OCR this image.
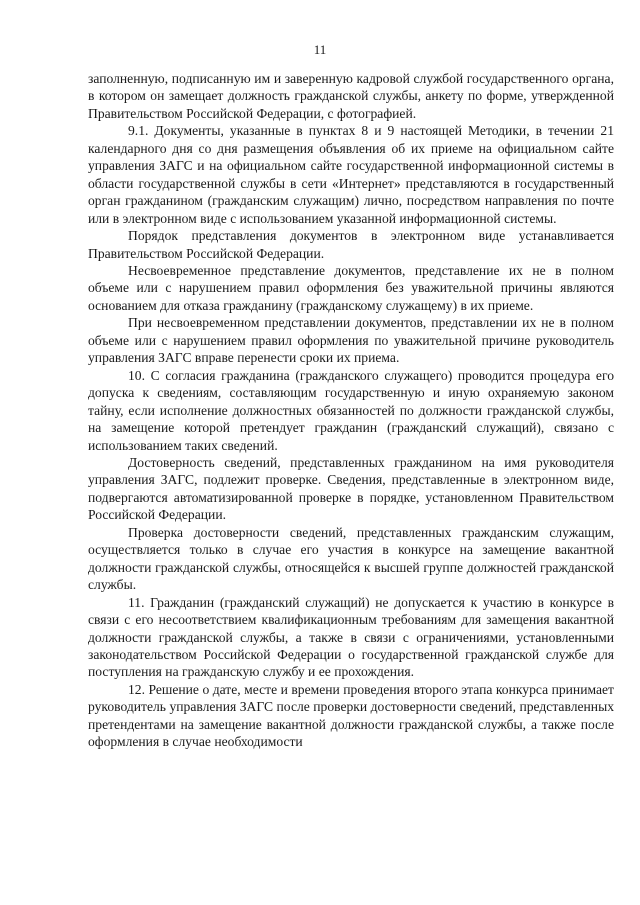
11

заполненную, подписанную им и заверенную кадровой службой государственного органа, в котором он замещает должность гражданской службы, анкету по форме, утвержденной Правительством Российской Федерации, с фотографией.

9.1. Документы, указанные в пунктах 8 и 9 настоящей Методики, в течении 21 календарного дня со дня размещения объявления об их приеме на официальном сайте управления ЗАГС и на официальном сайте государственной информационной системы в области государственной службы в сети «Интернет» представляются в государственный орган гражданином (гражданским служащим) лично, посредством направления по почте или в электронном виде с использованием указанной информационной системы.

Порядок представления документов в электронном виде устанавливается Правительством Российской Федерации.

Несвоевременное представление документов, представление их не в полном объеме или с нарушением правил оформления без уважительной причины являются основанием для отказа гражданину (гражданскому служащему) в их приеме.

При несвоевременном представлении документов, представлении их не в полном объеме или с нарушением правил оформления по уважительной причине руководитель управления ЗАГС вправе перенести сроки их приема.

10. С согласия гражданина (гражданского служащего) проводится процедура его допуска к сведениям, составляющим государственную и иную охраняемую законом тайну, если исполнение должностных обязанностей по должности гражданской службы, на замещение которой претендует гражданин (гражданский служащий), связано с использованием таких сведений.

Достоверность сведений, представленных гражданином на имя руководителя управления ЗАГС, подлежит проверке. Сведения, представленные в электронном виде, подвергаются автоматизированной проверке в порядке, установленном Правительством Российской Федерации.

Проверка достоверности сведений, представленных гражданским служащим, осуществляется только в случае его участия в конкурсе на замещение вакантной должности гражданской службы, относящейся к высшей группе должностей гражданской службы.

11. Гражданин (гражданский служащий) не допускается к участию в конкурсе в связи с его несоответствием квалификационным требованиям для замещения вакантной должности гражданской службы, а также в связи с ограничениями, установленными законодательством Российской Федерации о государственной гражданской службе для поступления на гражданскую службу и ее прохождения.

12. Решение о дате, месте и времени проведения второго этапа конкурса принимает руководитель управления ЗАГС после проверки достоверности сведений, представленных претендентами на замещение вакантной должности гражданской службы, а также после оформления в случае необходимости
